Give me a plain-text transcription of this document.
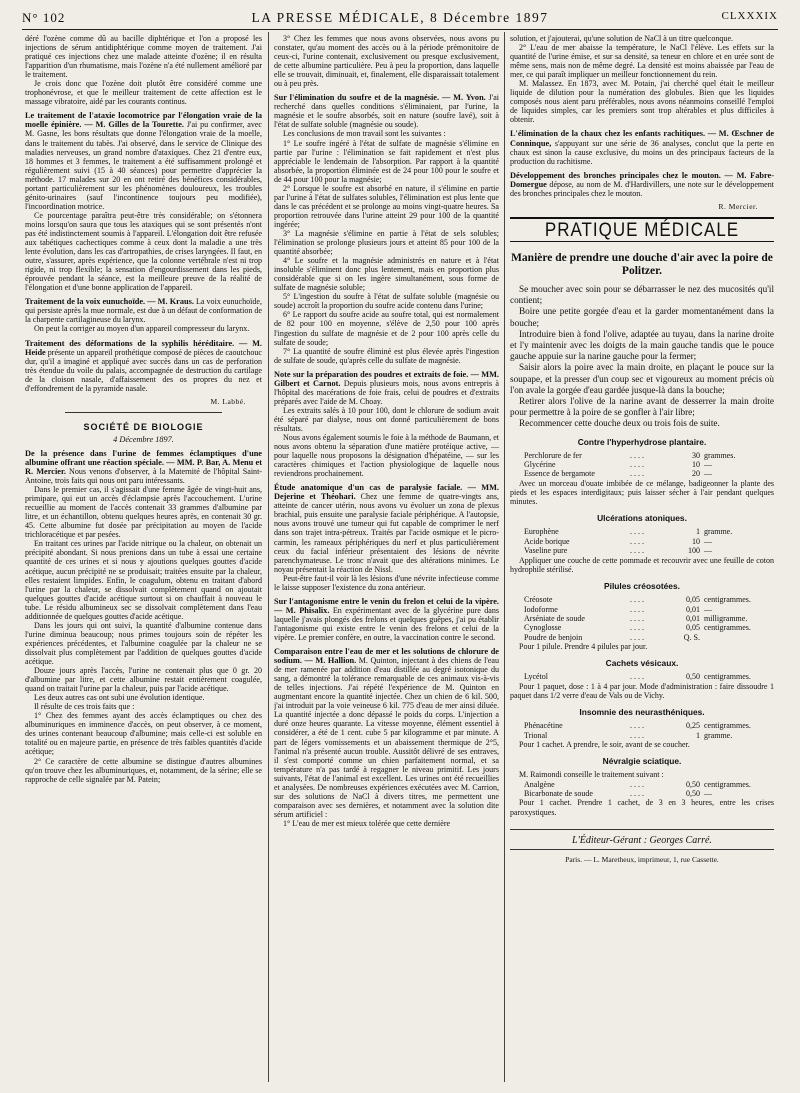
N° 102	LA PRESSE MÉDICALE, 8 Décembre 1897	CLXXXIX

déré l'ozène comme dû au bacille diphtérique et l'on a proposé les injections de sérum antidiphtérique comme moyen de traitement. J'ai pratiqué ces injections chez une malade atteinte d'ozène; il en résulta l'apparition d'un rhumatisme, mais l'ozène n'a été nullement amélioré par le traitement.

Je crois donc que l'ozène doit plutôt être considéré comme une trophonévrose, et que le meilleur traitement de cette affection est le massage vibratoire, aidé par les courants continus.

Le traitement de l'ataxie locomotrice par l'élongation vraie de la moelle épinière. — M. Gilles de la Tourette. J'ai pu confirmer, avec M. Gasne, les bons résultats que donne l'élongation vraie de la moelle, dans le traitement du tabès. J'ai observé, dans le service de Clinique des maladies nerveuses, un grand nombre d'ataxiques. Chez 21 d'entre eux, 18 hommes et 3 femmes, le traitement a été suffisamment prolongé et régulièrement suivi (15 à 40 séances) pour permettre d'apprécier la méthode. 17 malades sur 20 en ont retiré des bénéfices considérables, portant particulièrement sur les phénomènes douloureux, les troubles génito-urinaires (sauf l'incontinence toujours peu modifiée), l'incoordination motrice.

Ce pourcentage paraîtra peut-être très considérable; on s'étonnera moins lorsqu'on saura que tous les ataxiques qui se sont présentés n'ont pas été indistinctement soumis à l'appareil. L'élongation doit être refusée aux tabétiques cachectiques comme à ceux dont la maladie a une très lente évolution, dans les cas d'artropathies, de crises laryngées. Il faut, en outre, s'assurer, après expérience, que la colonne vertébrale n'est ni trop rigide, ni trop flexible; la sensation d'engourdissement dans les pieds, éprouvée pendant la séance, est la meilleure preuve de la réalité de l'élongation et d'une bonne application de l'appareil.

Traitement de la voix eunuchoïde. — M. Kraus. La voix eunuchoïde, qui persiste après la mue normale, est due à un défaut de conformation de la charpente cartilagineuse du larynx.

On peut la corriger au moyen d'un appareil compresseur du larynx.

Traitement des déformations de la syphilis héréditaire. — M. Heide présente un appareil prothétique composé de pièces de caoutchouc dur, qu'il a imaginé et appliqué avec succès dans un cas de perforation très étendue du voile du palais, accompagnée de destruction du cartilage de la cloison nasale, d'affaissement des os propres du nez et d'effondrement de la pyramide nasale.

M. Labbé.
SOCIÉTÉ DE BIOLOGIE
4 Décembre 1897.

De la présence dans l'urine de femmes éclamptiques d'une albumine offrant une réaction spéciale. — MM. P. Bar, A. Menu et R. Mercier. Nous venons d'observer, à la Maternité de l'hôpital Saint-Antoine, trois faits qui nous ont paru intéressants.

Dans le premier cas, il s'agissait d'une femme âgée de vingt-huit ans, primipare, qui eut un accès d'éclampsie après l'accouchement. L'urine recueillie au moment de l'accès contenait 33 grammes d'albumine par litre, et un échantillon, obtenu quelques heures après, en contenait 30 gr. 45. Cette albumine fut dosée par précipitation au moyen de l'acide trichloracétique et par pesées.

En traitant ces urines par l'acide nitrique ou la chaleur, on obtenait un précipité abondant. Si nous prenions dans un tube à essai une certaine quantité de ces urines et si nous y ajoutions quelques gouttes d'acide acétique, aucun précipité ne se produisait; traitées ensuite par la chaleur, elles restaient limpides. Enfin, le coagulum, obtenu en traitant d'abord l'urine par la chaleur, se dissolvait complètement quand on ajoutait quelques gouttes d'acide acétique surtout si on chauffait à nouveau le tube. Le résidu albumineux sec se dissolvait complètement dans l'eau additionnée de quelques gouttes d'acide acétique.

Dans les jours qui ont suivi, la quantité d'albumine contenue dans l'urine diminua beaucoup; nous primes toujours soin de répéter les expériences précédentes, et l'albumine coagulée par la chaleur ne se dissolvait plus complètement par l'addition de quelques gouttes d'acide acétique.

Douze jours après l'accès, l'urine ne contenait plus que 0 gr. 20 d'albumine par litre, et cette albumine restait entièrement coagulée, quand on traitait l'urine par la chaleur, puis par l'acide acétique.

Les deux autres cas ont subi une évolution identique.

Il résulte de ces trois faits que :

1° Chez des femmes ayant des accès éclamptiques ou chez des albuminuriques en imminence d'accès, on peut observer, à ce moment, des urines contenant beaucoup d'albumine; mais celle-ci est soluble en totalité ou en majeure partie, en présence de très faibles quantités d'acide acétique;

2° Ce caractère de cette albumine se distingue d'autres albumines qu'on trouve chez les albuminuriques, et, notamment, de la sérine; elle se rapproche de celle signalée par M. Patein;

3° Chez les femmes que nous avons observées, nous avons pu constater, qu'au moment des accès ou à la période prémonitoire de ceux-ci, l'urine contenait, exclusivement ou presque exclusivement, de cette albumine particulière. Peu à peu la proportion, dans laquelle elle se trouvait, diminuait, et, finalement, elle disparaissait totalement ou à peu près.

Sur l'élimination du soufre et de la magnésie. — M. Yvon. J'ai recherché dans quelles conditions s'éliminaient, par l'urine, la magnésie et le soufre absorbés, soit en nature (soufre lavé), soit à l'état de sulfate soluble (magnésie ou soude).

Les conclusions de mon travail sont les suivantes :

1° Le soufre ingéré à l'état de sulfate de magnésie s'élimine en partie par l'urine : l'élimination se fait rapidement et n'est plus appréciable le lendemain de l'absorption. Par rapport à la quantité absorbée, la proportion éliminée est de 24 pour 100 pour le soufre et de 44 pour 100 pour la magnésie;

2° Lorsque le soufre est absorbé en nature, il s'élimine en partie par l'urine à l'état de sulfates solubles, l'élimination est plus lente que dans le cas précédent et se prolonge au moins vingt-quatre heures. Sa proportion retrouvée dans l'urine atteint 29 pour 100 de la quantité ingérée;

3° La magnésie s'élimine en partie à l'état de sels solubles; l'élimination se prolonge plusieurs jours et atteint 85 pour 100 de la quantité absorbée;

4° Le soufre et la magnésie administrés en nature et à l'état insoluble s'éliminent donc plus lentement, mais en proportion plus considérable que si on les ingère simultanément, sous forme de sulfate de magnésie soluble;

5° L'ingestion du soufre à l'état de sulfate soluble (magnésie ou soude) accroît la proportion du soufre acide contenu dans l'urine;

6° Le rapport du soufre acide au soufre total, qui est normalement de 82 pour 100 en moyenne, s'élève de 2,50 pour 100 après l'ingestion du sulfate de magnésie et de 2 pour 100 après celle du sulfate de soude;

7° La quantité de soufre éliminé est plus élevée après l'ingestion de sulfate de soude, qu'après celle du sulfate de magnésie.

Note sur la préparation des poudres et extraits de foie. — MM. Gilbert et Carnot. Depuis plusieurs mois, nous avons entrepris à l'hôpital des macérations de foie frais, celui de poudres et d'extraits préparés avec l'aide de M. Choay.

Les extraits salés à 10 pour 100, dont le chlorure de sodium avait été séparé par dialyse, nous ont donné particulièrement de bons résultats.

Nous avons également soumis le foie à la méthode de Baumann, et nous avons obtenu la séparation d'une matière protéique active, — pour laquelle nous proposons la désignation d'hépatéine, — sur les caractères chimiques et l'action physiologique de laquelle nous reviendrons prochainement.

Étude anatomique d'un cas de paralysie faciale. — MM. Dejerine et Théohari. Chez une femme de quatre-vingts ans, atteinte de cancer utérin, nous avons vu évoluer un zona de plexus brachial, puis ensuite une paralysie faciale périphérique. A l'autopsie, nous avons trouvé une tumeur qui fut capable de comprimer le nerf dans son trajet intra-pétreux. Traités par l'acide osmique et le picro-carmin, les rameaux périphériques du nerf et plus particulièrement ceux du facial inférieur présentaient des lésions de névrite parenchymateuse. Le tronc n'avait que des altérations minimes. Le noyau présentait la réaction de Nissl.

Peut-être faut-il voir là les lésions d'une névrite infectieuse comme le laisse supposer l'existence du zona antérieur.

Sur l'antagonisme entre le venin du frelon et celui de la vipère. — M. Phisalix. En expérimentant avec de la glycérine pure dans laquelle j'avais plongés des frelons et quelques guêpes, j'ai pu établir l'antagonisme qui existe entre le venin des frelons et celui de la vipère. Le premier confère, en outre, la vaccination contre le second.

Comparaison entre l'eau de mer et les solutions de chlorure de sodium. — M. Hallion. M. Quinton, injectant à des chiens de l'eau de mer ramenée par addition d'eau distillée au degré isotonique du sang, a démontré la tolérance remarquable de ces animaux vis-à-vis de telles injections. J'ai répété l'expérience de M. Quinton en augmentant encore la quantité injectée. Chez un chien de 6 kil. 500, j'ai introduit par la voie veineuse 6 kil. 775 d'eau de mer ainsi diluée. La quantité injectée a donc dépassé le poids du corps. L'injection a duré onze heures quarante. La vitesse moyenne, élément essentiel à considérer, a été de 1 cent. cube 5 par kilogramme et par minute. A part de légers vomissements et un abaissement thermique de 2°5, l'animal n'a présenté aucun trouble. Aussitôt délivré de ses entraves, il s'est comporté comme un chien parfaitement normal, et sa température n'a pas tardé à regagner le niveau primitif. Les jours suivants, l'état de l'animal est excellent. Les urines ont été recueillies et analysées. De nombreuses expériences exécutées avec M. Carrion, sur des solutions de NaCl à divers titres, me permettent une comparaison avec ses dernières, et notamment avec la solution dite sérum artificiel :

1° L'eau de mer est mieux tolérée que cette dernière

solution, et j'ajouterai, qu'une solution de NaCl à un titre quelconque.

2° L'eau de mer abaisse la température, le NaCl l'élève. Les effets sur la quantité de l'urine émise, et sur sa densité, sa teneur en chlore et en urée sont de même sens, mais non de même degré. La densité est moins abaissée par l'eau de mer, ce qui paraît impliquer un meilleur fonctionnement du rein.

M. Malassez. En 1873, avec M. Potain, j'ai cherché quel était le meilleur liquide de dilution pour la numération des globules. Bien que les liquides composés nous aient paru préférables, nous avons néanmoins conseillé l'emploi de liquides simples, car les premiers sont trop altérables et plus difficiles à obtenir.

L'élimination de la chaux chez les enfants rachitiques. — M. Œschner de Conninque, s'appuyant sur une série de 36 analyses, conclut que la perte en chaux est sinon la cause exclusive, du moins un des principaux facteurs de la production du rachitisme.

Développement des bronches principales chez le mouton. — M. Fabre-Domergue dépose, au nom de M. d'Hardivillers, une note sur le développement des bronches principales chez le mouton.

R. Mercier.
PRATIQUE MÉDICALE
Manière de prendre une douche d'air avec la poire de Politzer.

Se moucher avec soin pour se débarrasser le nez des mucosités qu'il contient;

Boire une petite gorgée d'eau et la garder momentanément dans la bouche;

Introduire bien à fond l'olive, adaptée au tuyau, dans la narine droite et l'y maintenir avec les doigts de la main gauche tandis que le pouce gauche appuie sur la narine gauche pour la fermer;

Saisir alors la poire avec la main droite, en plaçant le pouce sur la soupape, et la presser d'un coup sec et vigoureux au moment précis où l'on avale la gorgée d'eau gardée jusque-là dans la bouche;

Retirer alors l'olive de la narine avant de desserrer la main droite pour permettre à la poire de se gonfler à l'air libre;

Recommencer cette douche deux ou trois fois de suite.

Contre l'hyperhydrose plantaire.
Perchlorure de fer	. . . .	30	grammes.
Glycérine	. . . .	10	—
Essence de bergamote	. . . .	20	—

Avec un morceau d'ouate imbibée de ce mélange, badigeonner la plante des pieds et les espaces interdigitaux; puis laisser sécher à l'air pendant quelques minutes.

Ulcérations atoniques.
Europhène	. . . .	1	gramme.
Acide borique	. . . .	10	—
Vaseline pure	. . . .	100	—

Appliquer une couche de cette pommade et recouvrir avec une feuille de coton hydrophile stérilisé.

Pilules créosotées.
Créosote	. . . .	0,05	centigrammes.
Iodoforme	. . . .	0,01	—
Arséniate de soude	. . . .	0,01	milligramme.
Cynoglosse	. . . .	0,05	centigrammes.
Poudre de benjoin	. . . .	Q. S.	

Pour 1 pilule. Prendre 4 pilules par jour.

Cachets vésicaux.
Lycétol	. . . .	0,50	centigrammes.

Pour 1 paquet, dose : 1 à 4 par jour. Mode d'administration : faire dissoudre 1 paquet dans 1/2 verre d'eau de Vals ou de Vichy.

Insomnie des neurasthéniques.
Phénacétine	. . . .	0,25	centigrammes.
Trional	. . . .	1	gramme.

Pour 1 cachet. A prendre, le soir, avant de se coucher.

Névralgie sciatique.

M. Raimondi conseille le traitement suivant :

Analgène	. . . .	0,50	centigrammes.
Bicarbonate de soude	. . . .	0,50	—

Pour 1 cachet. Prendre 1 cachet, de 3 en 3 heures, entre les crises paroxystiques.

L'Éditeur-Gérant : Georges Carré.
Paris. — L. Maretheux, imprimeur, 1, rue Cassette.
